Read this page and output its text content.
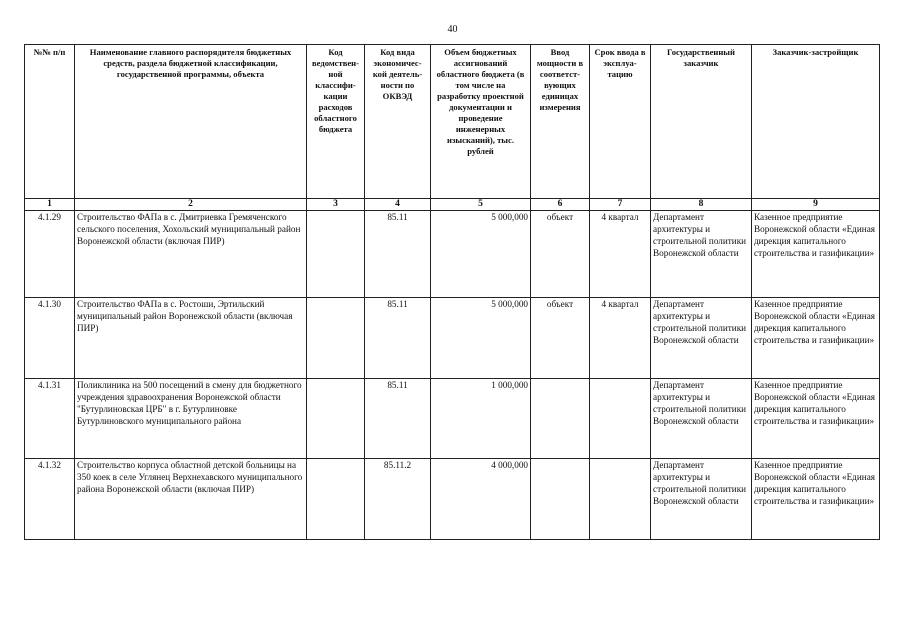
40
№№ п/п	Наименование главного распорядителя бюджетных средств, раздела бюджетной классификации, государственной программы, объекта	Код ведомствен-ной классифи-кации расходов областного бюджета	Код вида экономичес-кой деятель-ности по ОКВЭД	Объем бюджетных ассигнований областного бюджета (в том числе на разработку проектной документации и проведение инженерных изысканий), тыс. рублей	Ввод мощности в соответст-вующих единицах измерения	Срок ввода в эксплуа-тацию	Государственный заказчик	Заказчик-застройщик
1	2	3	4	5	6	7	8	9
4.1.29	Строительство ФАПа в с. Дмитриевка Гремяченского сельского поселения, Хохольский муниципальный район Воронежской области (включая ПИР)		85.11	5 000,000	объект	4 квартал	Департамент архитектуры и строительной политики Воронежской области	Казенное предприятие Воронежской области «Единая дирекция капитального строительства и газификации»
4.1.30	Строительство ФАПа в с. Ростоши, Эртильский муниципальный район Воронежской области (включая ПИР)		85.11	5 000,000	объект	4 квартал	Департамент архитектуры и строительной политики Воронежской области	Казенное предприятие Воронежской области «Единая дирекция капитального строительства и газификации»
4.1.31	Поликлиника на 500 посещений в смену для бюджетного учреждения здравоохранения Воронежской области "Бутурлиновская ЦРБ" в г. Бутурлиновке Бутурлиновского муниципального района		85.11	1 000,000			Департамент архитектуры и строительной политики Воронежской области	Казенное предприятие Воронежской области «Единая дирекция капитального строительства и газификации»
4.1.32	Строительство корпуса областной детской больницы на 350 коек в селе Углянец Верхнехавского муниципального района Воронежской области (включая ПИР)		85.11.2	4 000,000			Департамент архитектуры и строительной политики Воронежской области	Казенное предприятие Воронежской области «Единая дирекция капитального строительства и газификации»
